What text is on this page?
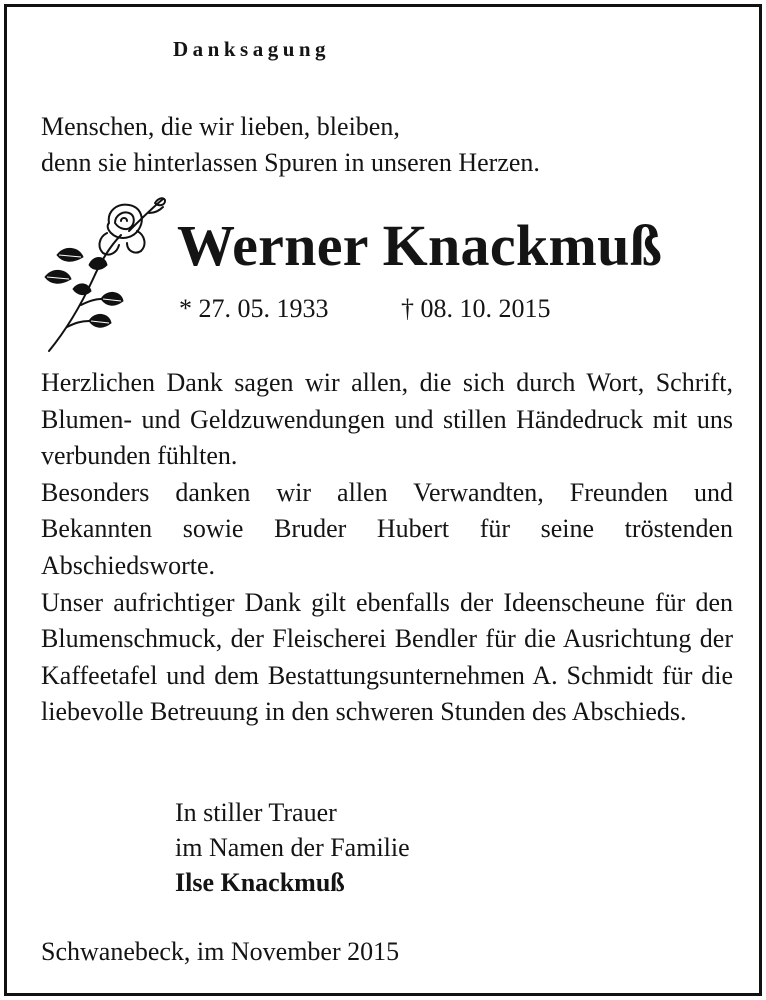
Danksagung
Menschen, die wir lieben, bleiben,
denn sie hinterlassen Spuren in unseren Herzen.
Werner Knackmuß
* 27. 05. 1933	† 08. 10. 2015

Herzlichen Dank sagen wir allen, die sich durch Wort, Schrift, Blumen- und Geldzuwendungen und stillen Händedruck mit uns verbunden fühlten.

Besonders danken wir allen Verwandten, Freunden und Bekannten sowie Bruder Hubert für seine tröstenden Abschiedsworte.

Unser aufrichtiger Dank gilt ebenfalls der Ideenscheune für den Blumenschmuck, der Fleischerei Bendler für die Ausrichtung der Kaffeetafel und dem Bestattungsunternehmen A. Schmidt für die liebevolle Betreuung in den schweren Stunden des Abschieds.

In stiller Trauer
im Namen der Familie
Ilse Knackmuß
Schwanebeck, im November 2015
